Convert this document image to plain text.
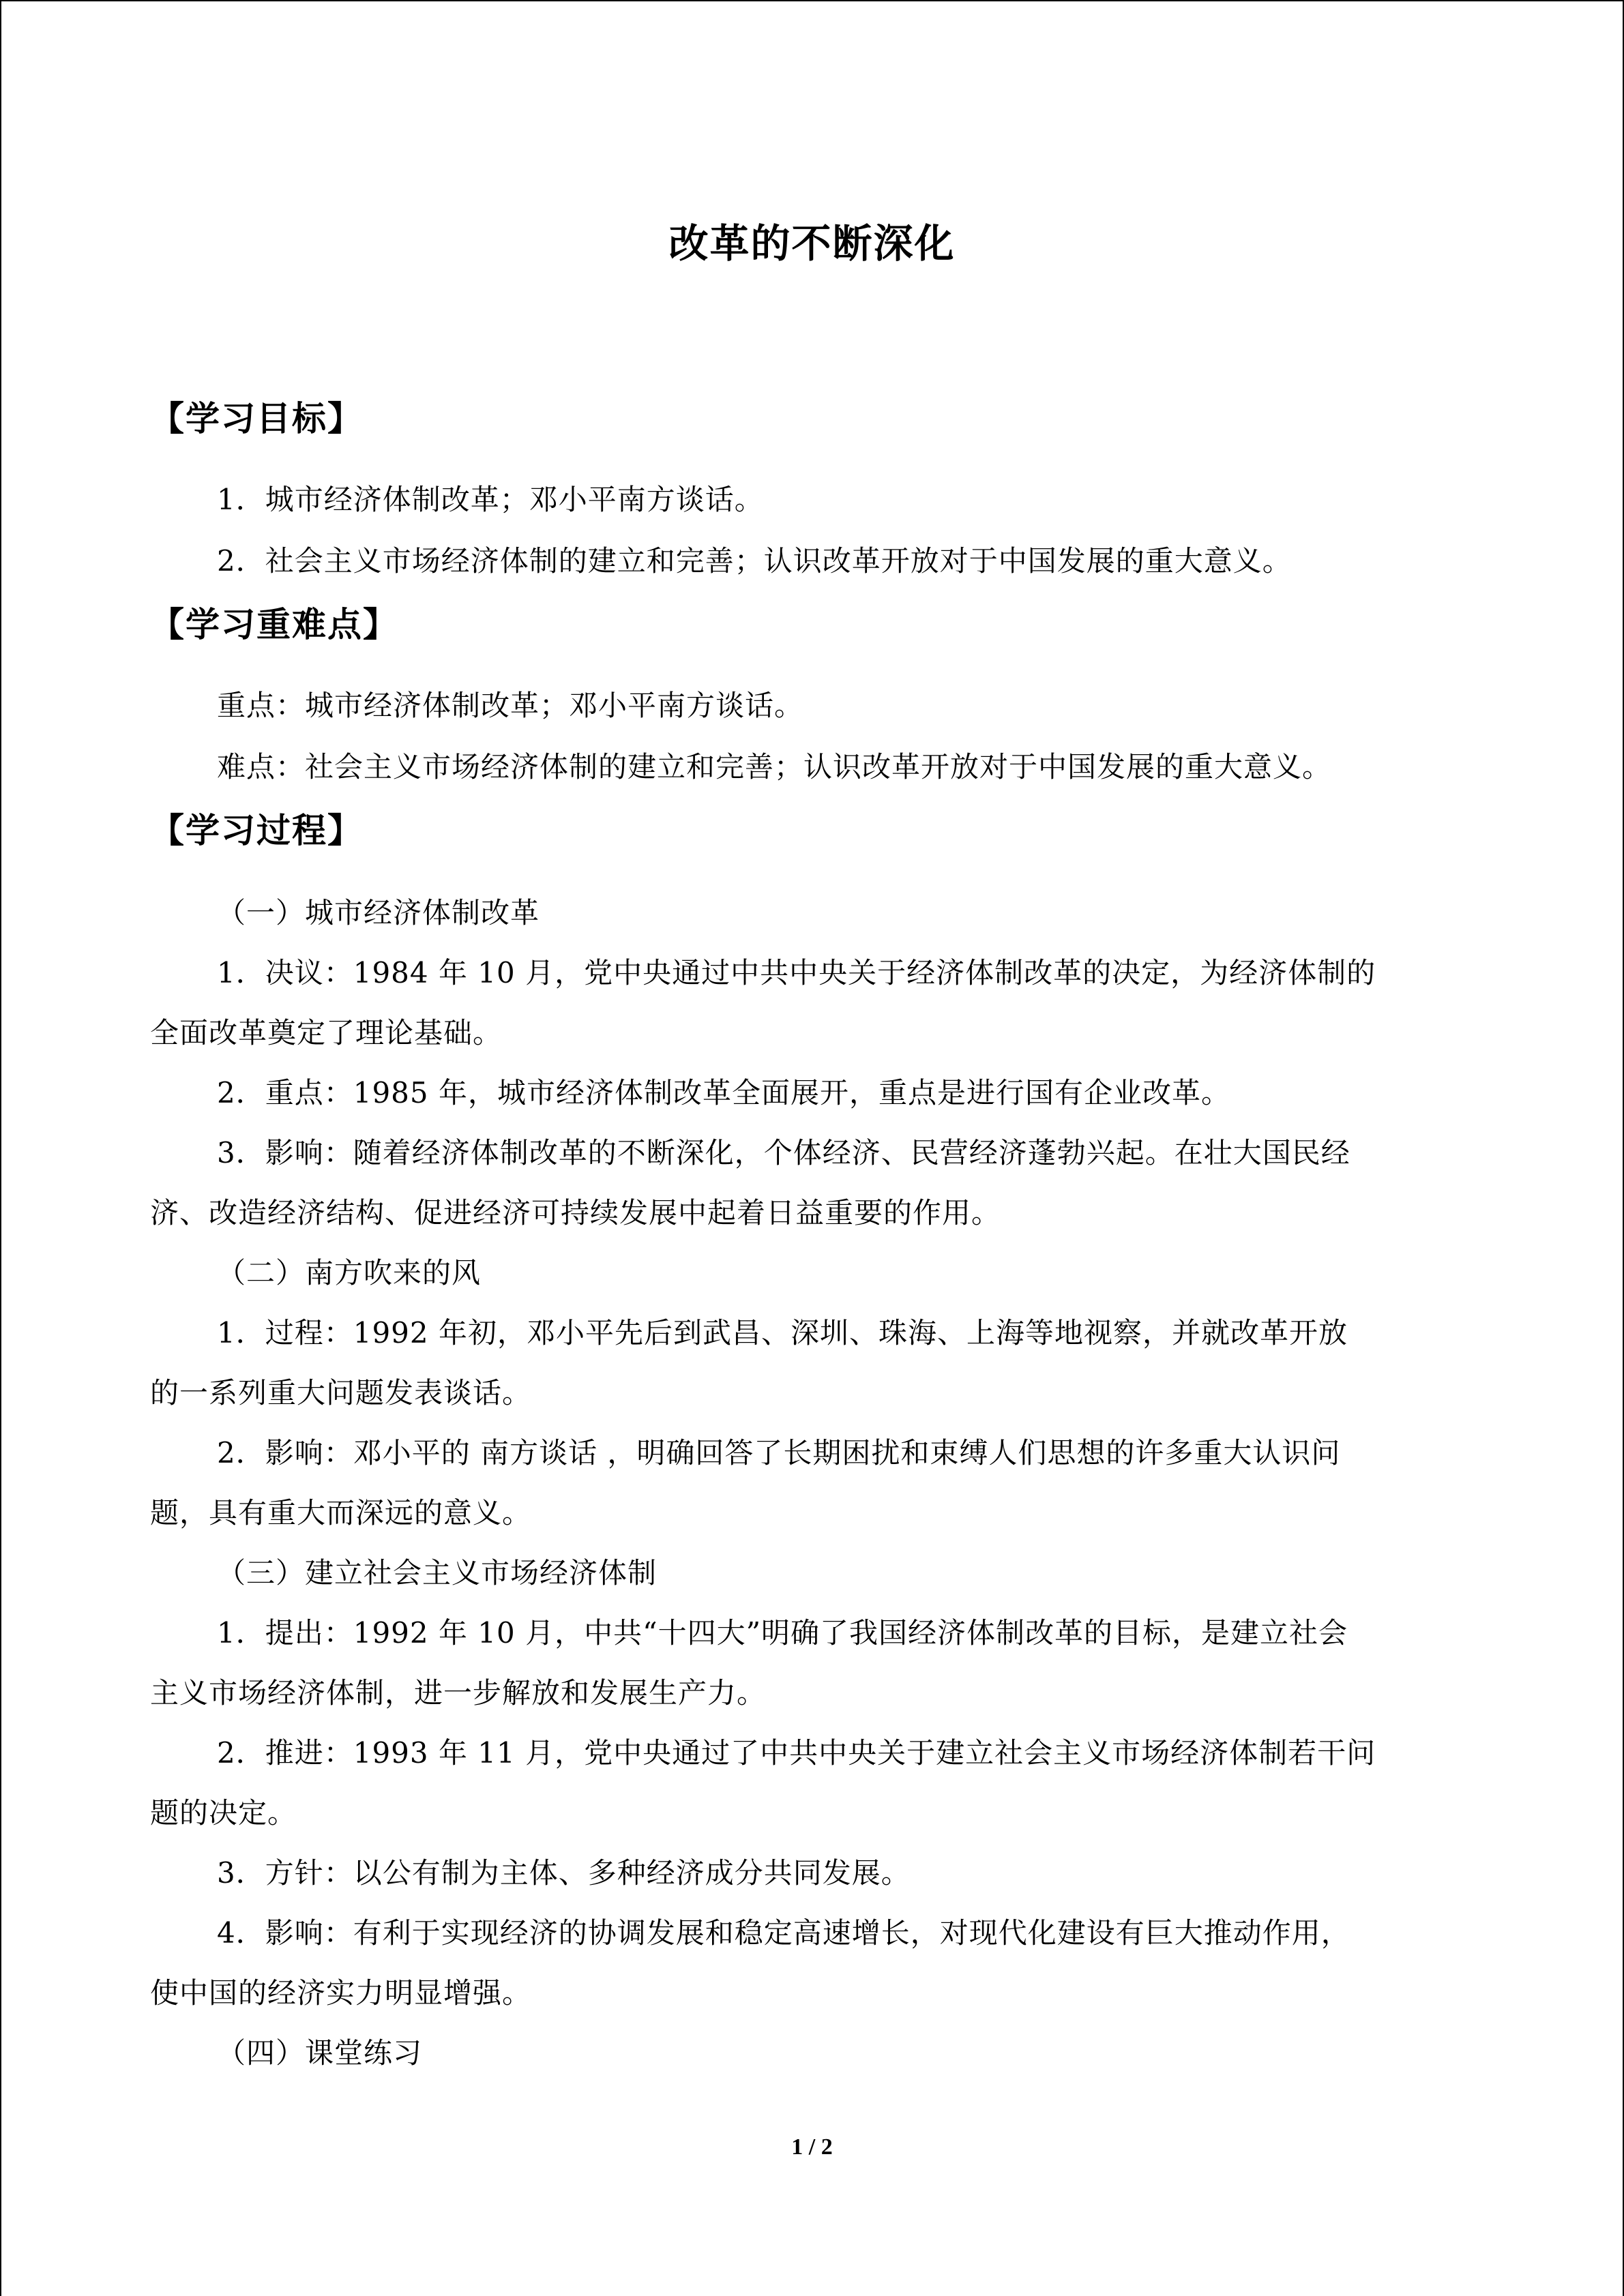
改革的不断深化
【学习目标】
1．城市经济体制改革；邓小平南方谈话。
2．社会主义市场经济体制的建立和完善；认识改革开放对于中国发展的重大意义。
【学习重难点】
重点：城市经济体制改革；邓小平南方谈话。
难点：社会主义市场经济体制的建立和完善；认识改革开放对于中国发展的重大意义。
【学习过程】
（一）城市经济体制改革
1．决议：1984 年 10 月，党中央通过中共中央关于经济体制改革的决定，为经济体制的
全面改革奠定了理论基础。
2．重点：1985 年，城市经济体制改革全面展开，重点是进行国有企业改革。
3．影响：随着经济体制改革的不断深化，个体经济、民营经济蓬勃兴起。在壮大国民经
济、改造经济结构、促进经济可持续发展中起着日益重要的作用。
（二）南方吹来的风
1．过程：1992 年初，邓小平先后到武昌、深圳、珠海、上海等地视察，并就改革开放
的一系列重大问题发表谈话。
2．影响：邓小平的 南方谈话 ，明确回答了长期困扰和束缚人们思想的许多重大认识问
题，具有重大而深远的意义。
（三）建立社会主义市场经济体制
1．提出：1992 年 10 月，中共“十四大”明确了我国经济体制改革的目标，是建立社会
主义市场经济体制，进一步解放和发展生产力。
2．推进：1993 年 11 月，党中央通过了中共中央关于建立社会主义市场经济体制若干问
题的决定。
3．方针：以公有制为主体、多种经济成分共同发展。
4．影响：有利于实现经济的协调发展和稳定高速增长，对现代化建设有巨大推动作用，
使中国的经济实力明显增强。
（四）课堂练习
1 / 2
